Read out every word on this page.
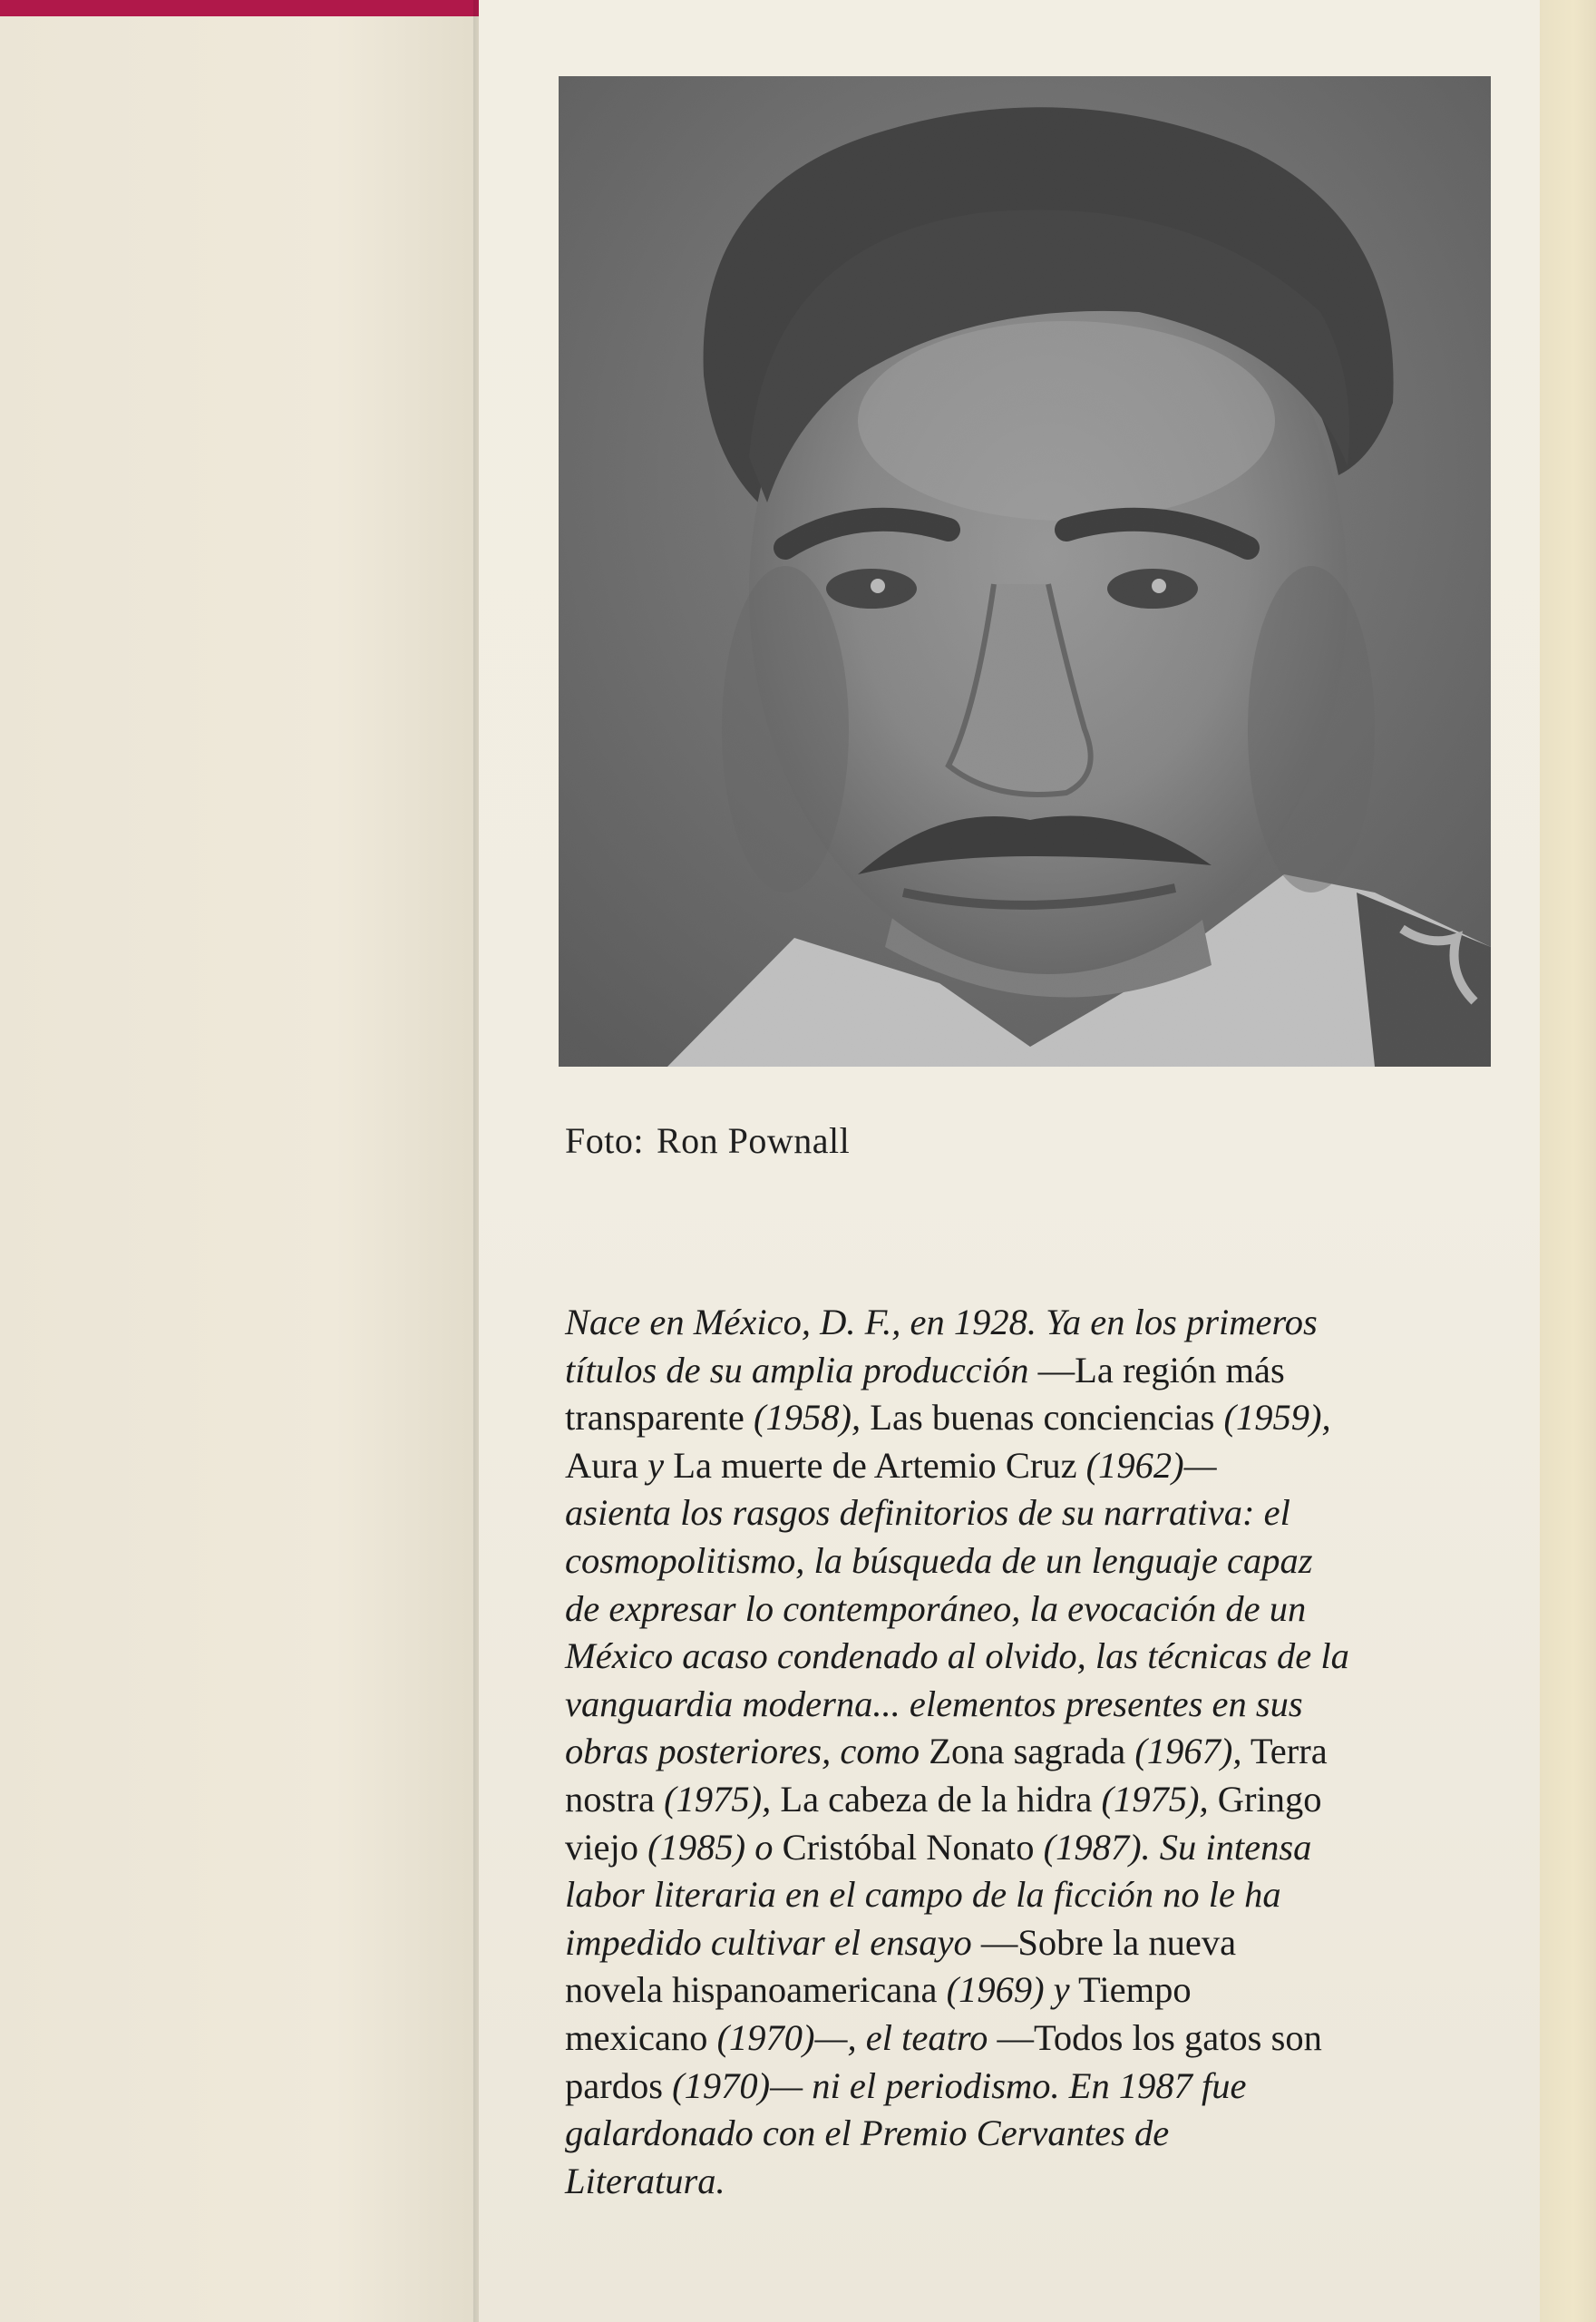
Foto: Ron Pownall
Nace en México, D. F., en 1928. Ya en los primeros
títulos de su amplia producción —La región más
transparente (1958), Las buenas conciencias (1959),
Aura y La muerte de Artemio Cruz (1962)—
asienta los rasgos definitorios de su narrativa: el
cosmopolitismo, la búsqueda de un lenguaje capaz
de expresar lo contemporáneo, la evocación de un
México acaso condenado al olvido, las técnicas de la
vanguardia moderna... elementos presentes en sus
obras posteriores, como Zona sagrada (1967), Terra
nostra (1975), La cabeza de la hidra (1975), Gringo
viejo (1985) o Cristóbal Nonato (1987). Su intensa
labor literaria en el campo de la ficción no le ha
impedido cultivar el ensayo —Sobre la nueva
novela hispanoamericana (1969) y Tiempo
mexicano (1970)—, el teatro —Todos los gatos son
pardos (1970)— ni el periodismo. En 1987 fue
galardonado con el Premio Cervantes de
Literatura.
